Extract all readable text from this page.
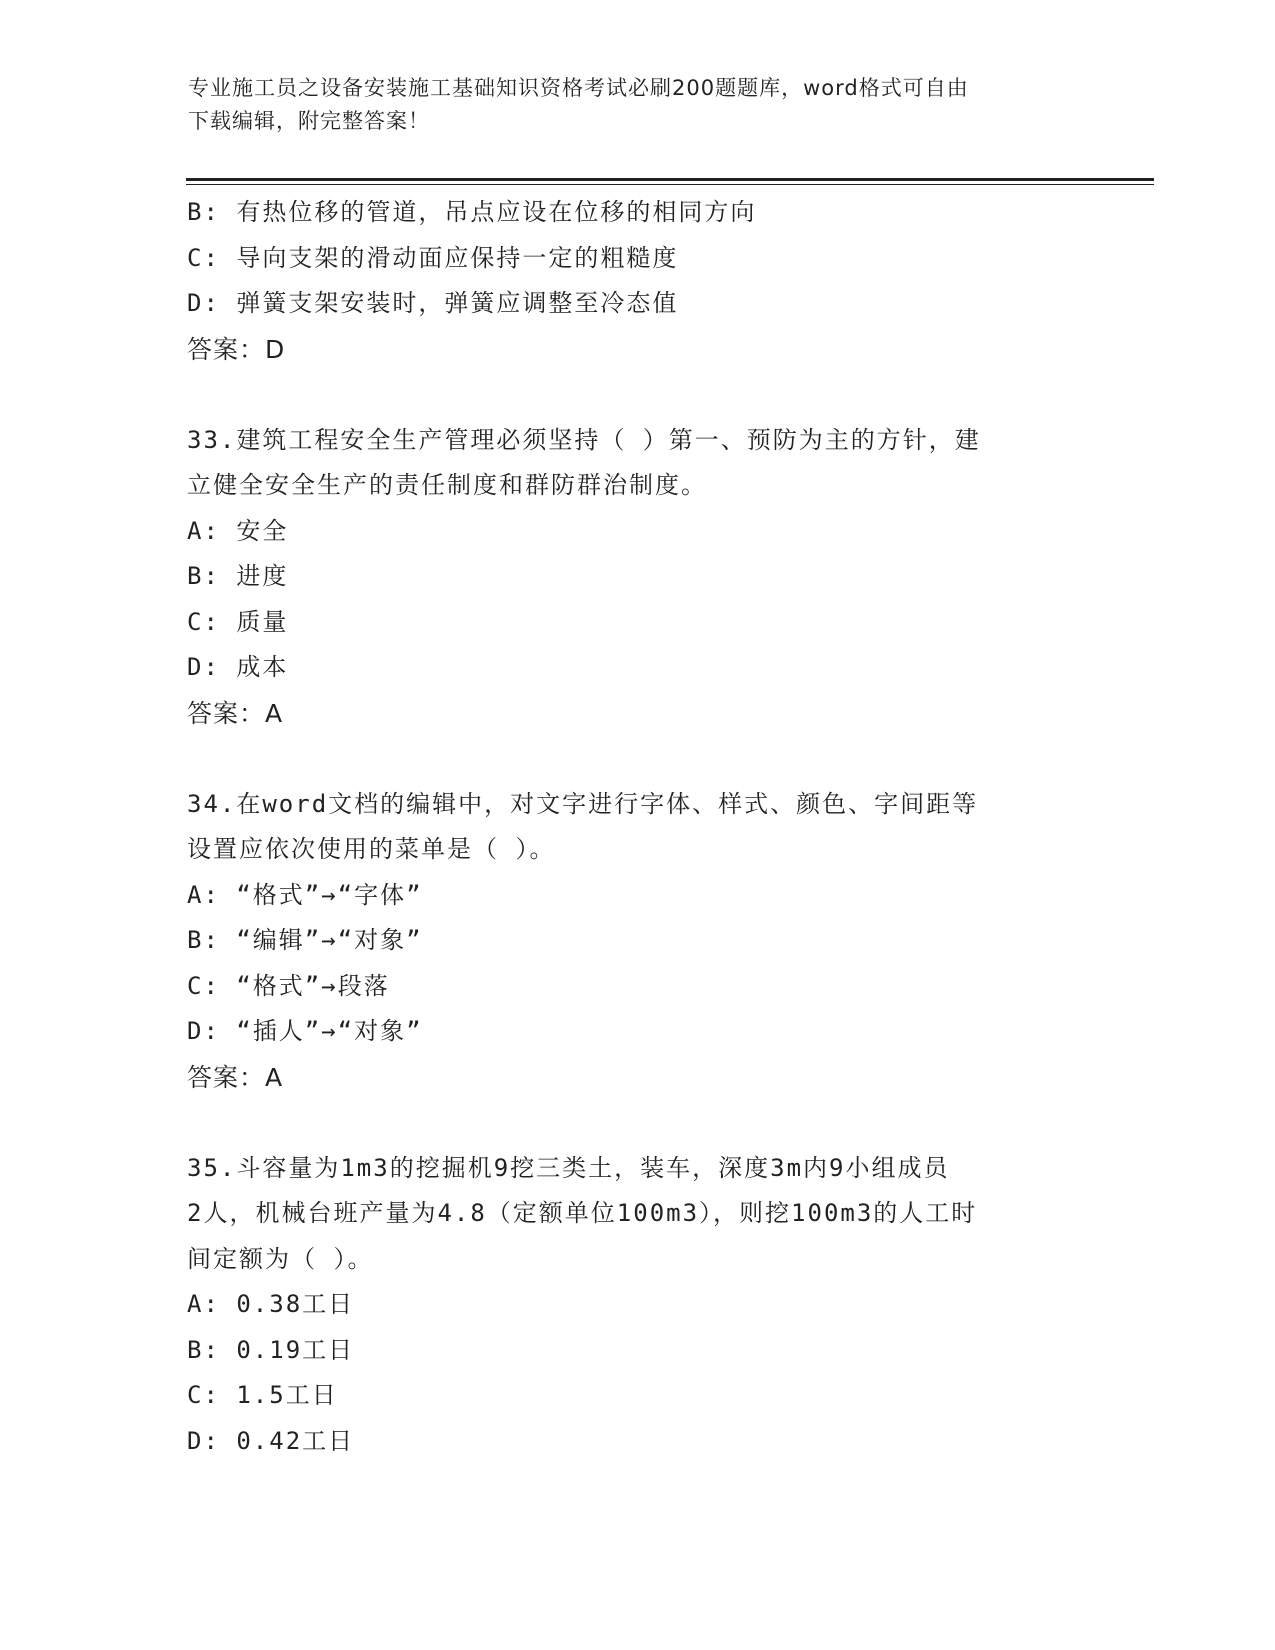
专业施工员之设备安装施工基础知识资格考试必刷200题题库，word格式可自由
下载编辑，附完整答案！
B: 有热位移的管道，吊点应设在位移的相同方向
C: 导向支架的滑动面应保持一定的粗糙度
D: 弹簧支架安装时，弹簧应调整至冷态值
答案：D
33.建筑工程安全生产管理必须坚持（ ）第一、预防为主的方针，建
立健全安全生产的责任制度和群防群治制度。
A: 安全
B: 进度
C: 质量
D: 成本
答案：A
34.在word文档的编辑中，对文字进行字体、样式、颜色、字间距等
设置应依次使用的菜单是（ ）。
A: “格式”→“字体”
B: “编辑”→“对象”
C: “格式”→段落
D: “插人”→“对象”
答案：A
35.斗容量为1m3的挖掘机9挖三类土，装车，深度3m内9小组成员
2人，机械台班产量为4.8（定额单位100m3），则挖100m3的人工时
间定额为（ ）。
A: 0.38工日
B: 0.19工日
C: 1.5工日
D: 0.42工日
